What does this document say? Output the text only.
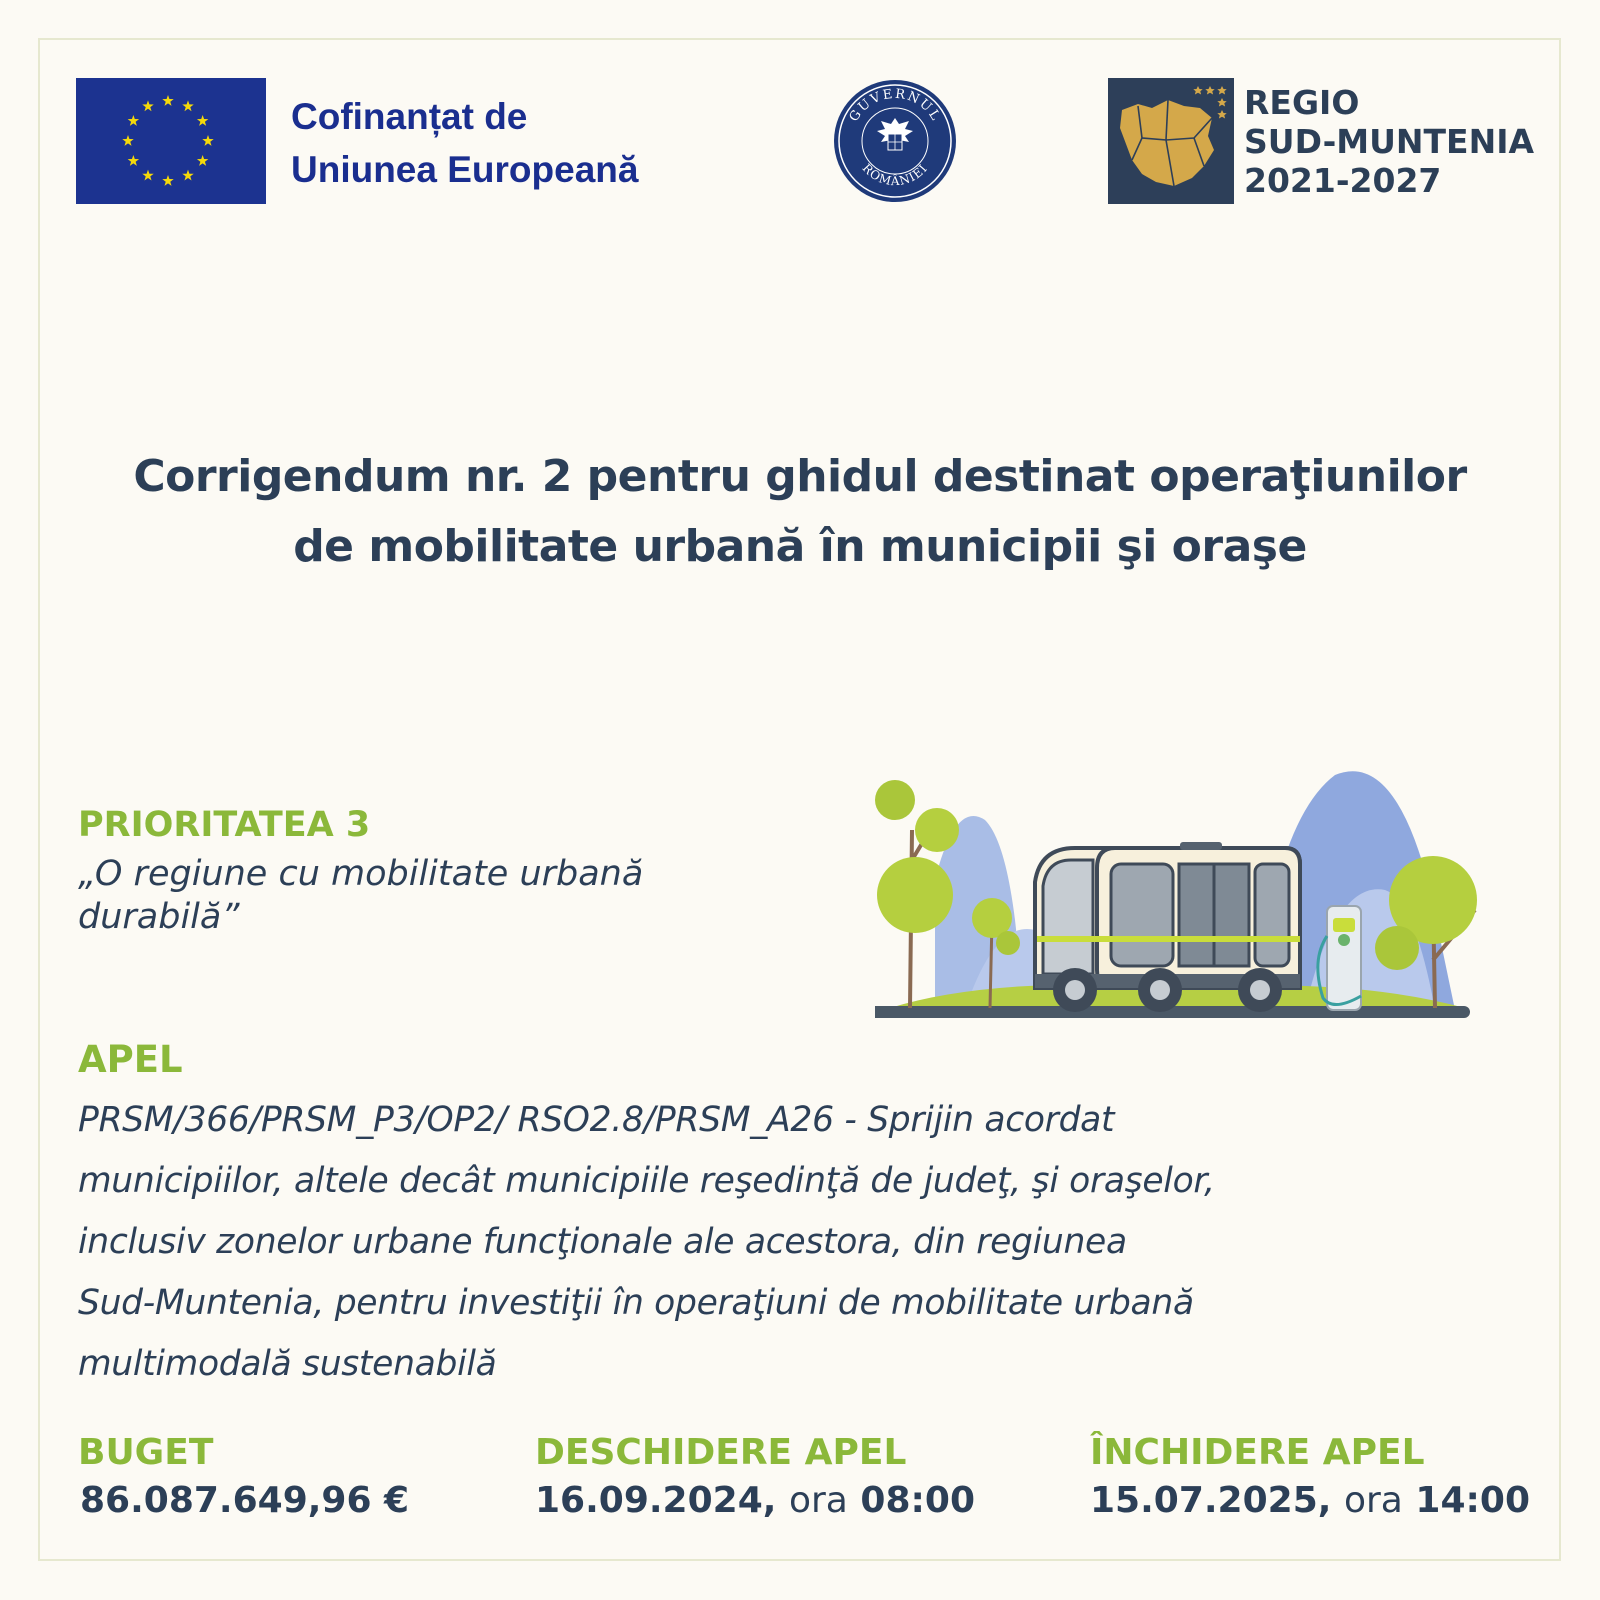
Cofinanțat de
Uniunea Europeană
GUVERNUL
ROMÂNIEI
REGIO
SUD-MUNTENIA
2021-2027
Corrigendum nr. 2 pentru ghidul destinat operaţiunilor
de mobilitate urbană în municipii şi oraşe
PRIORITATEA 3
„O regiune cu mobilitate urbană
durabilă”
APEL
PRSM/366/PRSM_P3/OP2/ RSO2.8/PRSM_A26 - Sprijin acordat
municipiilor, altele decât municipiile reşedinţă de judeţ, şi oraşelor,
inclusiv zonelor urbane funcţionale ale acestora, din regiunea
Sud-Muntenia, pentru investiţii în operaţiuni de mobilitate urbană
multimodală sustenabilă
BUGET
86.087.649,96 €
DESCHIDERE APEL
16.09.2024, ora 08:00
ÎNCHIDERE APEL
15.07.2025, ora 14:00
